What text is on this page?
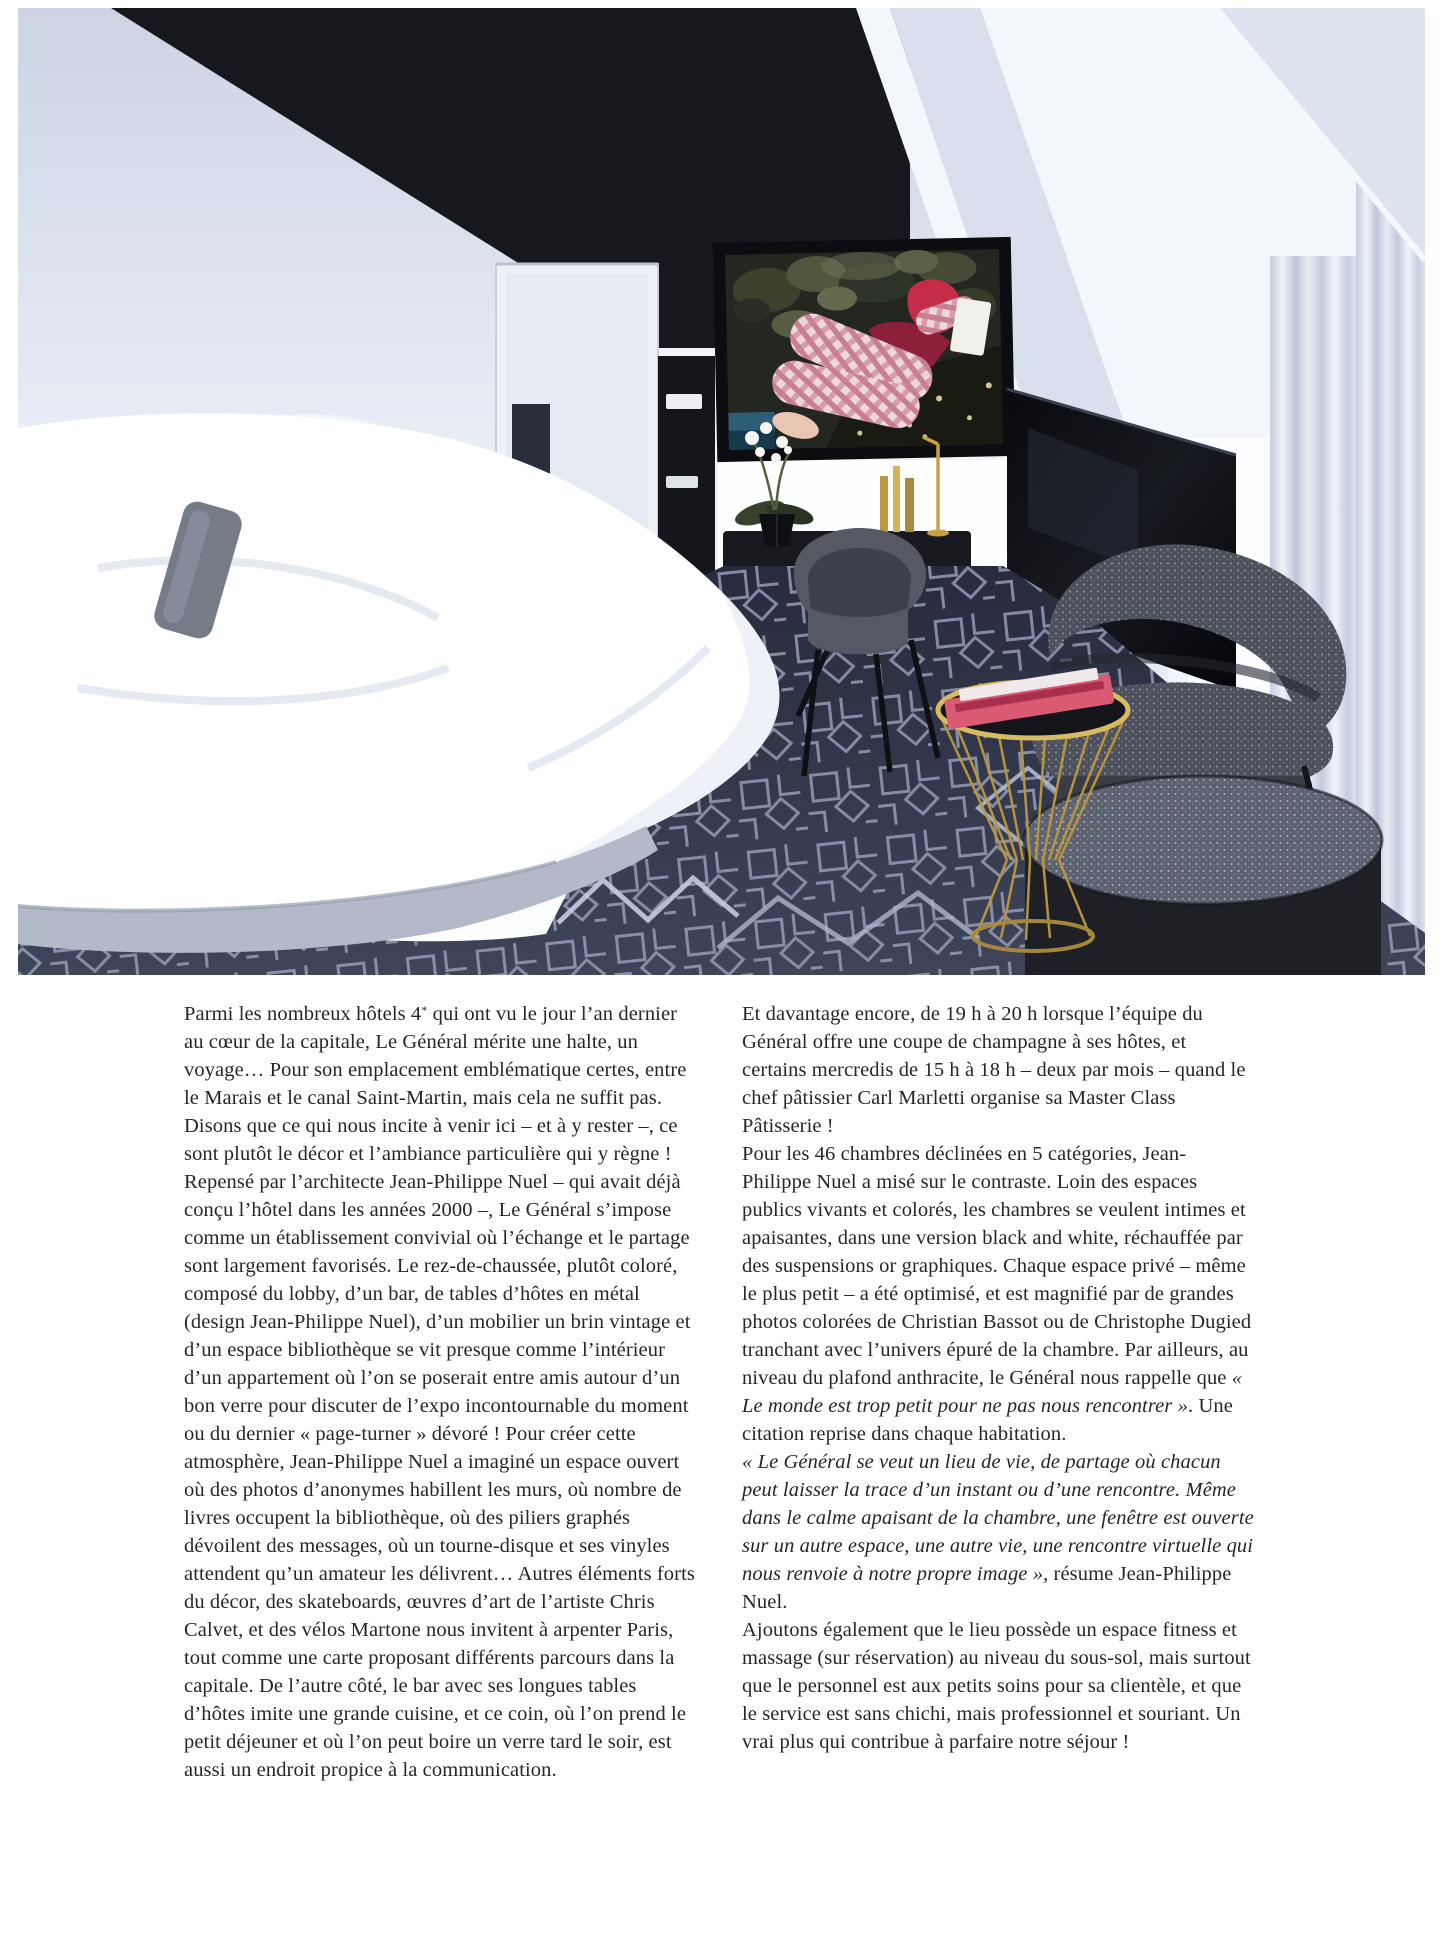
Parmi les nombreux hôtels 4* qui ont vu le jour l’an dernier au cœur de la capitale, Le Général mérite une halte, un voyage… Pour son emplacement emblématique certes, entre le Marais et le canal Saint-Martin, mais cela ne suffit pas. Disons que ce qui nous incite à venir ici – et à y rester –, ce sont plutôt le décor et l’ambiance particulière qui y règne !

Repensé par l’architecte Jean-Philippe Nuel – qui avait déjà conçu l’hôtel dans les années 2000 –, Le Général s’impose comme un établissement convivial où l’échange et le partage sont largement favorisés. Le rez-de-chaussée, plutôt coloré, composé du lobby, d’un bar, de tables d’hôtes en métal (design Jean-Philippe Nuel), d’un mobilier un brin vintage et d’un espace bibliothèque se vit presque comme l’intérieur d’un appartement où l’on se poserait entre amis autour d’un bon verre pour discuter de l’expo incontournable du moment ou du dernier « page-turner » dévoré ! Pour créer cette atmosphère, Jean-Philippe Nuel a imaginé un espace ouvert où des photos d’anonymes habillent les murs, où nombre de livres occupent la bibliothèque, où des piliers graphés dévoilent des messages, où un tourne-disque et ses vinyles attendent qu’un amateur les délivrent… Autres éléments forts du décor, des skateboards, œuvres d’art de l’artiste Chris Calvet, et des vélos Martone nous invitent à arpenter Paris, tout comme une carte proposant différents parcours dans la capitale. De l’autre côté, le bar avec ses longues tables d’hôtes imite une grande cuisine, et ce coin, où l’on prend le petit déjeuner et où l’on peut boire un verre tard le soir, est aussi un endroit propice à la communication.

Et davantage encore, de 19 h à 20 h lorsque l’équipe du Général offre une coupe de champagne à ses hôtes, et certains mercredis de 15 h à 18 h – deux par mois – quand le chef pâtissier Carl Marletti organise sa Master Class Pâtisserie !

Pour les 46 chambres déclinées en 5 catégories, Jean-Philippe Nuel a misé sur le contraste. Loin des espaces publics vivants et colorés, les chambres se veulent intimes et apaisantes, dans une version black and white, réchauffée par des suspensions or graphiques. Chaque espace privé – même le plus petit – a été optimisé, et est magnifié par de grandes photos colorées de Christian Bassot ou de Christophe Dugied tranchant avec l’univers épuré de la chambre. Par ailleurs, au niveau du plafond anthracite, le Général nous rappelle que « Le monde est trop petit pour ne pas nous rencontrer ». Une citation reprise dans chaque habitation.

« Le Général se veut un lieu de vie, de partage où chacun peut laisser la trace d’un instant ou d’une rencontre. Même dans le calme apaisant de la chambre, une fenêtre est ouverte sur un autre espace, une autre vie, une rencontre virtuelle qui nous renvoie à notre propre image », résume Jean-Philippe Nuel.

Ajoutons également que le lieu possède un espace fitness et massage (sur réservation) au niveau du sous-sol, mais surtout que le personnel est aux petits soins pour sa clientèle, et que le service est sans chichi, mais professionnel et souriant. Un vrai plus qui contribue à parfaire notre séjour !
